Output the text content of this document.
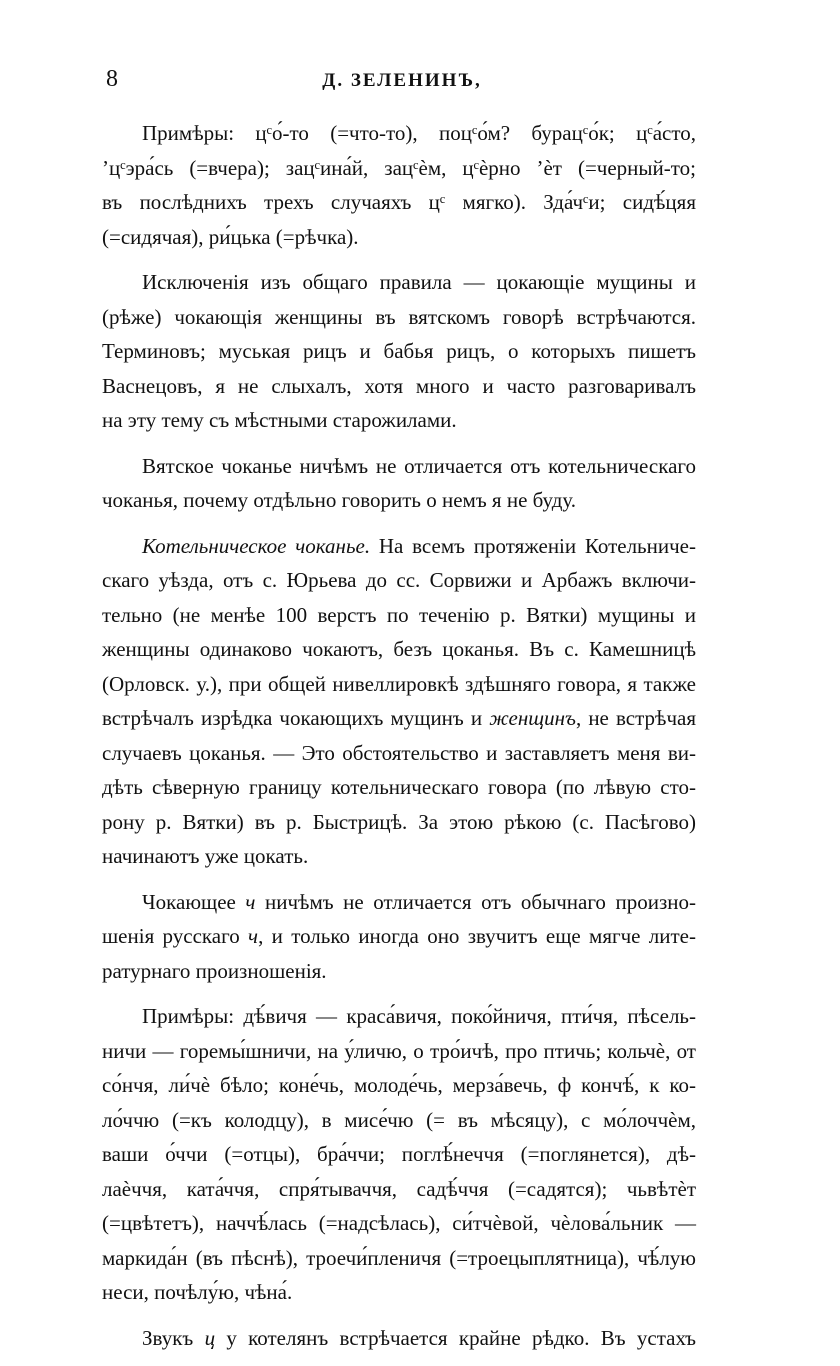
8	Д. ЗЕЛЕНИНЪ,
Примѣры: цᶜо́-то (=что-то), поцᶜо́м? бурацᶜо́к; цᶜа́сто,
’цᶜэра́сь (=вчера); зацᶜина́й, зацᶜѐм, цᶜѐрно ’ѐт (=черный-то;
въ послѣднихъ трехъ случаяхъ цᶜ мягко). Зда́чᶜи; сидѣ́цяя
(=сидячая), ри́цька (=рѣчка).
Исключенія изъ общаго правила — цокающіе мущины и
(рѣже) чокающія женщины въ вятскомъ говорѣ встрѣчаются.
Терминовъ; муськая рицъ и бабья рицъ, о которыхъ пишетъ
Васнецовъ, я не слыхалъ, хотя много и часто разговаривалъ
на эту тему съ мѣстными старожилами.
Вятское чоканье ничѣмъ не отличается отъ котельническаго
чоканья, почему отдѣльно говорить о немъ я не буду.
Котельническое чоканье. На всемъ протяженіи Котельниче-
скаго уѣзда, отъ с. Юрьева до сс. Сорвижи и Арбажъ включи-
тельно (не менѣе 100 верстъ по теченію р. Вятки) мущины и
женщины одинаково чокаютъ, безъ цоканья. Въ с. Камешницѣ
(Орловск. у.), при общей нивеллировкѣ здѣшняго говора, я также
встрѣчалъ изрѣдка чокающихъ мущинъ и женщинъ, не встрѣчая
случаевъ цоканья. — Это обстоятельство и заставляетъ меня ви-
дѣть сѣверную границу котельническаго говора (по лѣвую сто-
рону р. Вятки) въ р. Быстрицѣ. За этою рѣкою (с. Пасѣгово)
начинаютъ уже цокать.
Чокающее ч ничѣмъ не отличается отъ обычнаго произно-
шенія русскаго ч, и только иногда оно звучитъ еще мягче лите-
ратурнаго произношенія.
Примѣры: дѣ́вичя — краса́вичя, поко́йничя, пти́чя, пѣсель-
ничи — горемы́шничи, на у́личю, о тро́ичѣ, про птичь; кольчѐ, от
со́нчя, ли́чѐ бѣло; коне́чь, молоде́чь, мерза́вечь, ф кончѣ́, к ко-
ло́ччю (=къ колодцу), в мисе́чю (= въ мѣсяцу), с мо́лоччѐм,
ваши о́ччи (=отцы), бра́ччи; поглѣ́неччя (=поглянется), дѣ-
лаѐччя, ката́ччя, спря́тываччя, садѣ́ччя (=садятся); чьвѣтѐт
(=цвѣтетъ), наччѣ́лась (=надсѣлась), си́тчѐвой, чѐлова́льник —
маркида́н (въ пѣснѣ), троечи́пленичя (=троецыплятница), чѣ́лую
неси, почѣлу́ю, чѣна́.
Звукъ ц у котелянъ встрѣчается крайне рѣдко. Въ устахъ
